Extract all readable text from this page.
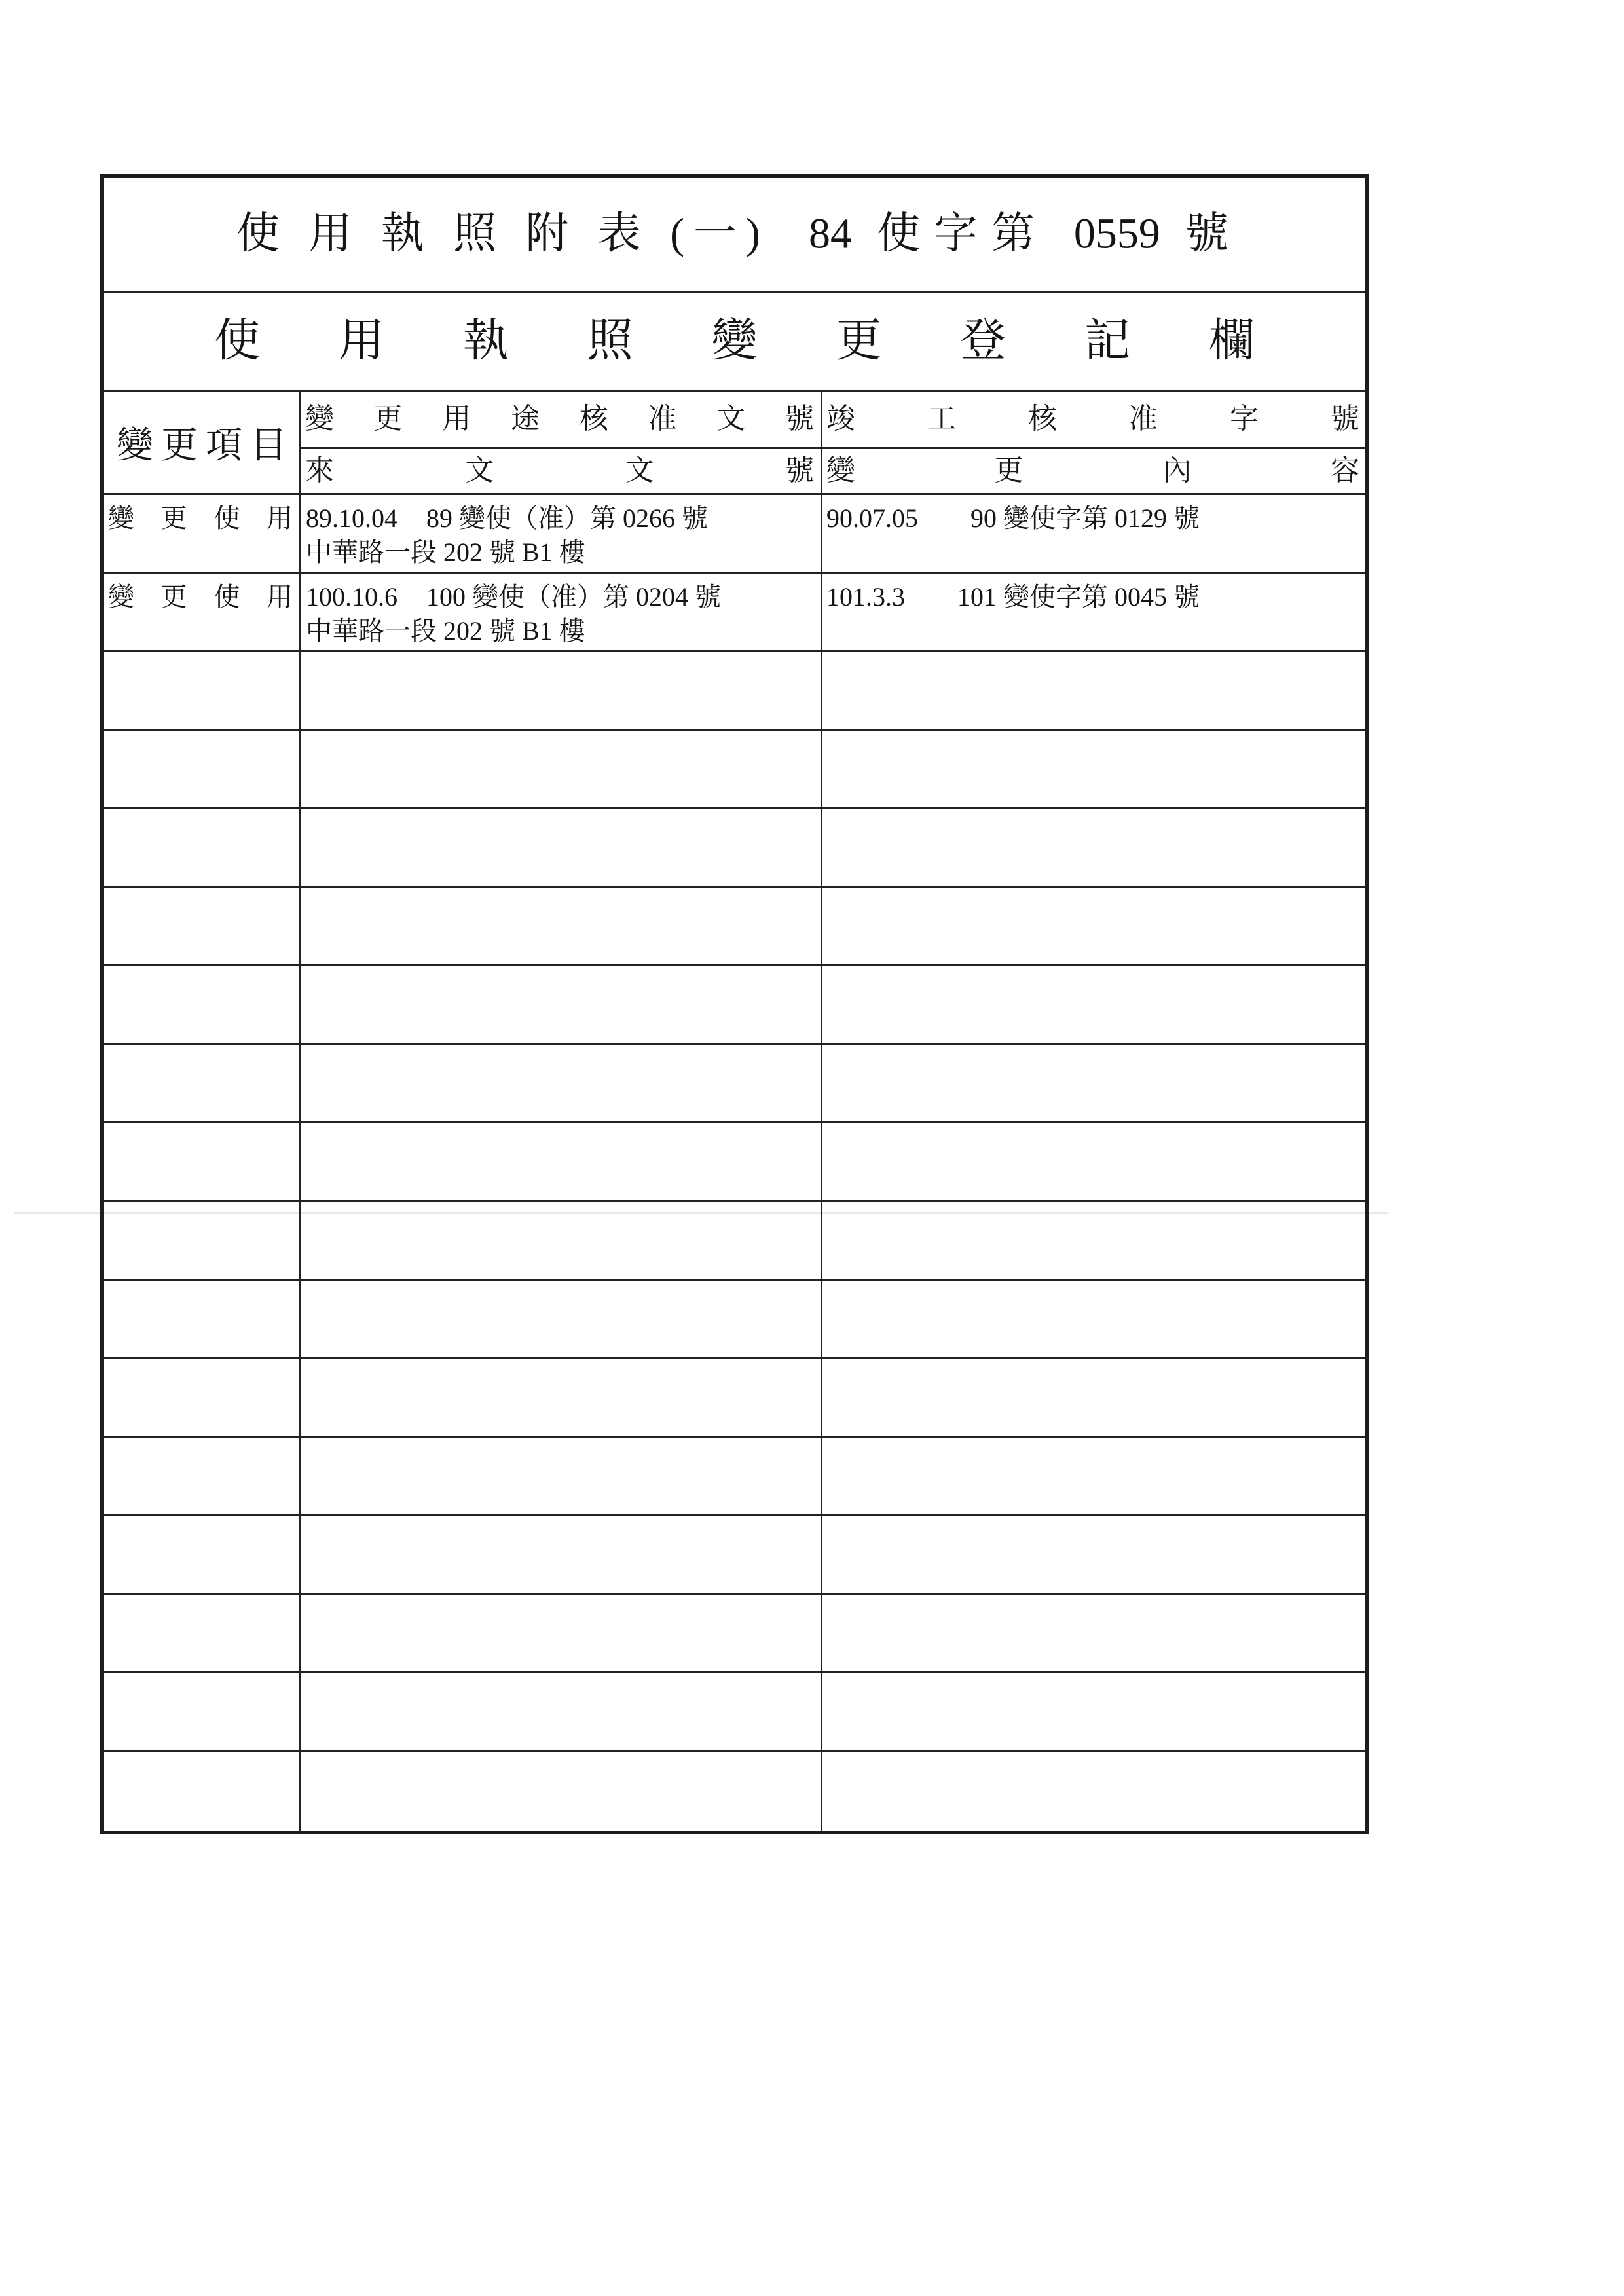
使 用 執 照 附 表 (一) 84 使字第 0559 號
使 用 執 照 變 更 登 記 欄
變更項目
變 更 用 途 核 准 文 號 竣 工 核 准 字 號
來 文 文 號 變 更 內 容
變 更 使 用 89.10.04 89 變使（准）第 0266 號
中華路一段 202 號 B1 樓
90.07.05 90 變使字第 0129 號
變 更 使 用 100.10.6 100 變使（准）第 0204 號
中華路一段 202 號 B1 樓
101.3.3 101 變使字第 0045 號
